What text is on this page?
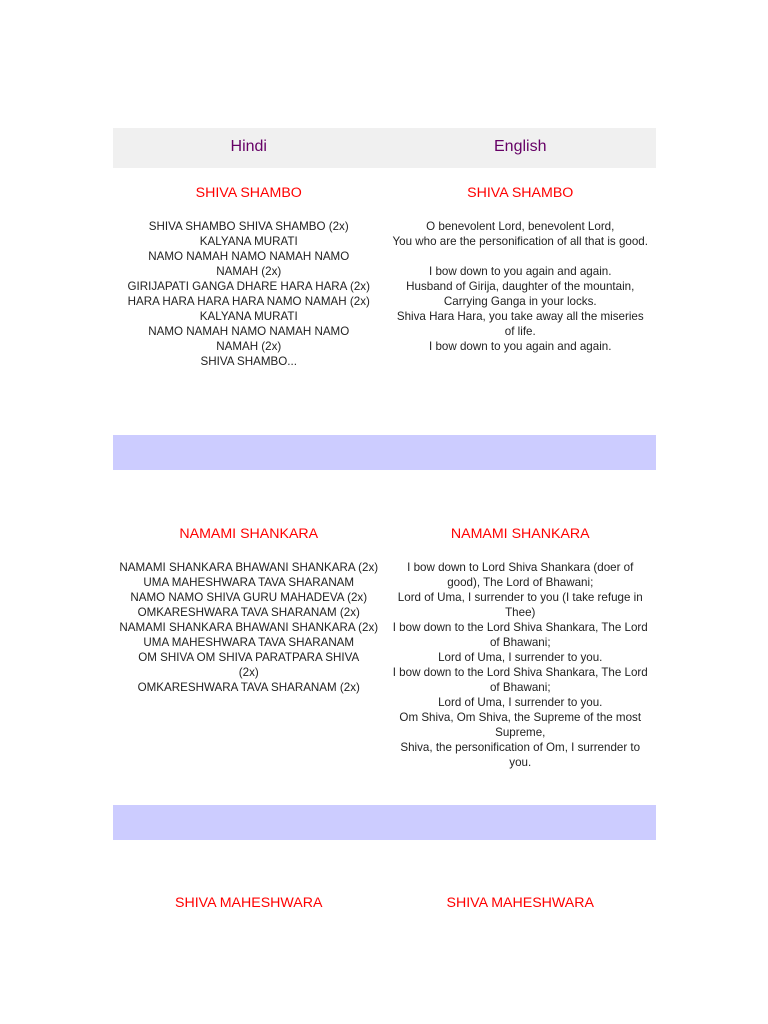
Hindi	English
SHIVA SHAMBO
SHIVA SHAMBO SHIVA SHAMBO (2x)
KALYANA MURATI
NAMO NAMAH NAMO NAMAH NAMO NAMAH (2x)
GIRIJAPATI GANGA DHARE HARA HARA (2x)
HARA HARA HARA HARA NAMO NAMAH (2x)
KALYANA MURATI
NAMO NAMAH NAMO NAMAH NAMO NAMAH (2x)
SHIVA SHAMBO...
SHIVA SHAMBO
O benevolent Lord, benevolent Lord,
You who are the personification of all that is good.
I bow down to you again and again.
Husband of Girija, daughter of the mountain,
Carrying Ganga in your locks.
Shiva Hara Hara, you take away all the miseries of life.
I bow down to you again and again.
NAMAMI SHANKARA
NAMAMI SHANKARA BHAWANI SHANKARA (2x)
UMA MAHESHWARA TAVA SHARANAM
NAMO NAMO SHIVA GURU MAHADEVA (2x)
OMKARESHWARA TAVA SHARANAM (2x)
NAMAMI SHANKARA BHAWANI SHANKARA (2x)
UMA MAHESHWARA TAVA SHARANAM
OM SHIVA OM SHIVA PARATPARA SHIVA (2x)
OMKARESHWARA TAVA SHARANAM (2x)
NAMAMI SHANKARA
I bow down to Lord Shiva Shankara (doer of good), The Lord of Bhawani;
Lord of Uma, I surrender to you (I take refuge in Thee)
I bow down to the Lord Shiva Shankara, The Lord of Bhawani;
Lord of Uma, I surrender to you.
I bow down to the Lord Shiva Shankara, The Lord of Bhawani;
Lord of Uma, I surrender to you.
Om Shiva, Om Shiva, the Supreme of the most Supreme,
Shiva, the personification of Om, I surrender to you.
SHIVA MAHESHWARA	SHIVA MAHESHWARA
